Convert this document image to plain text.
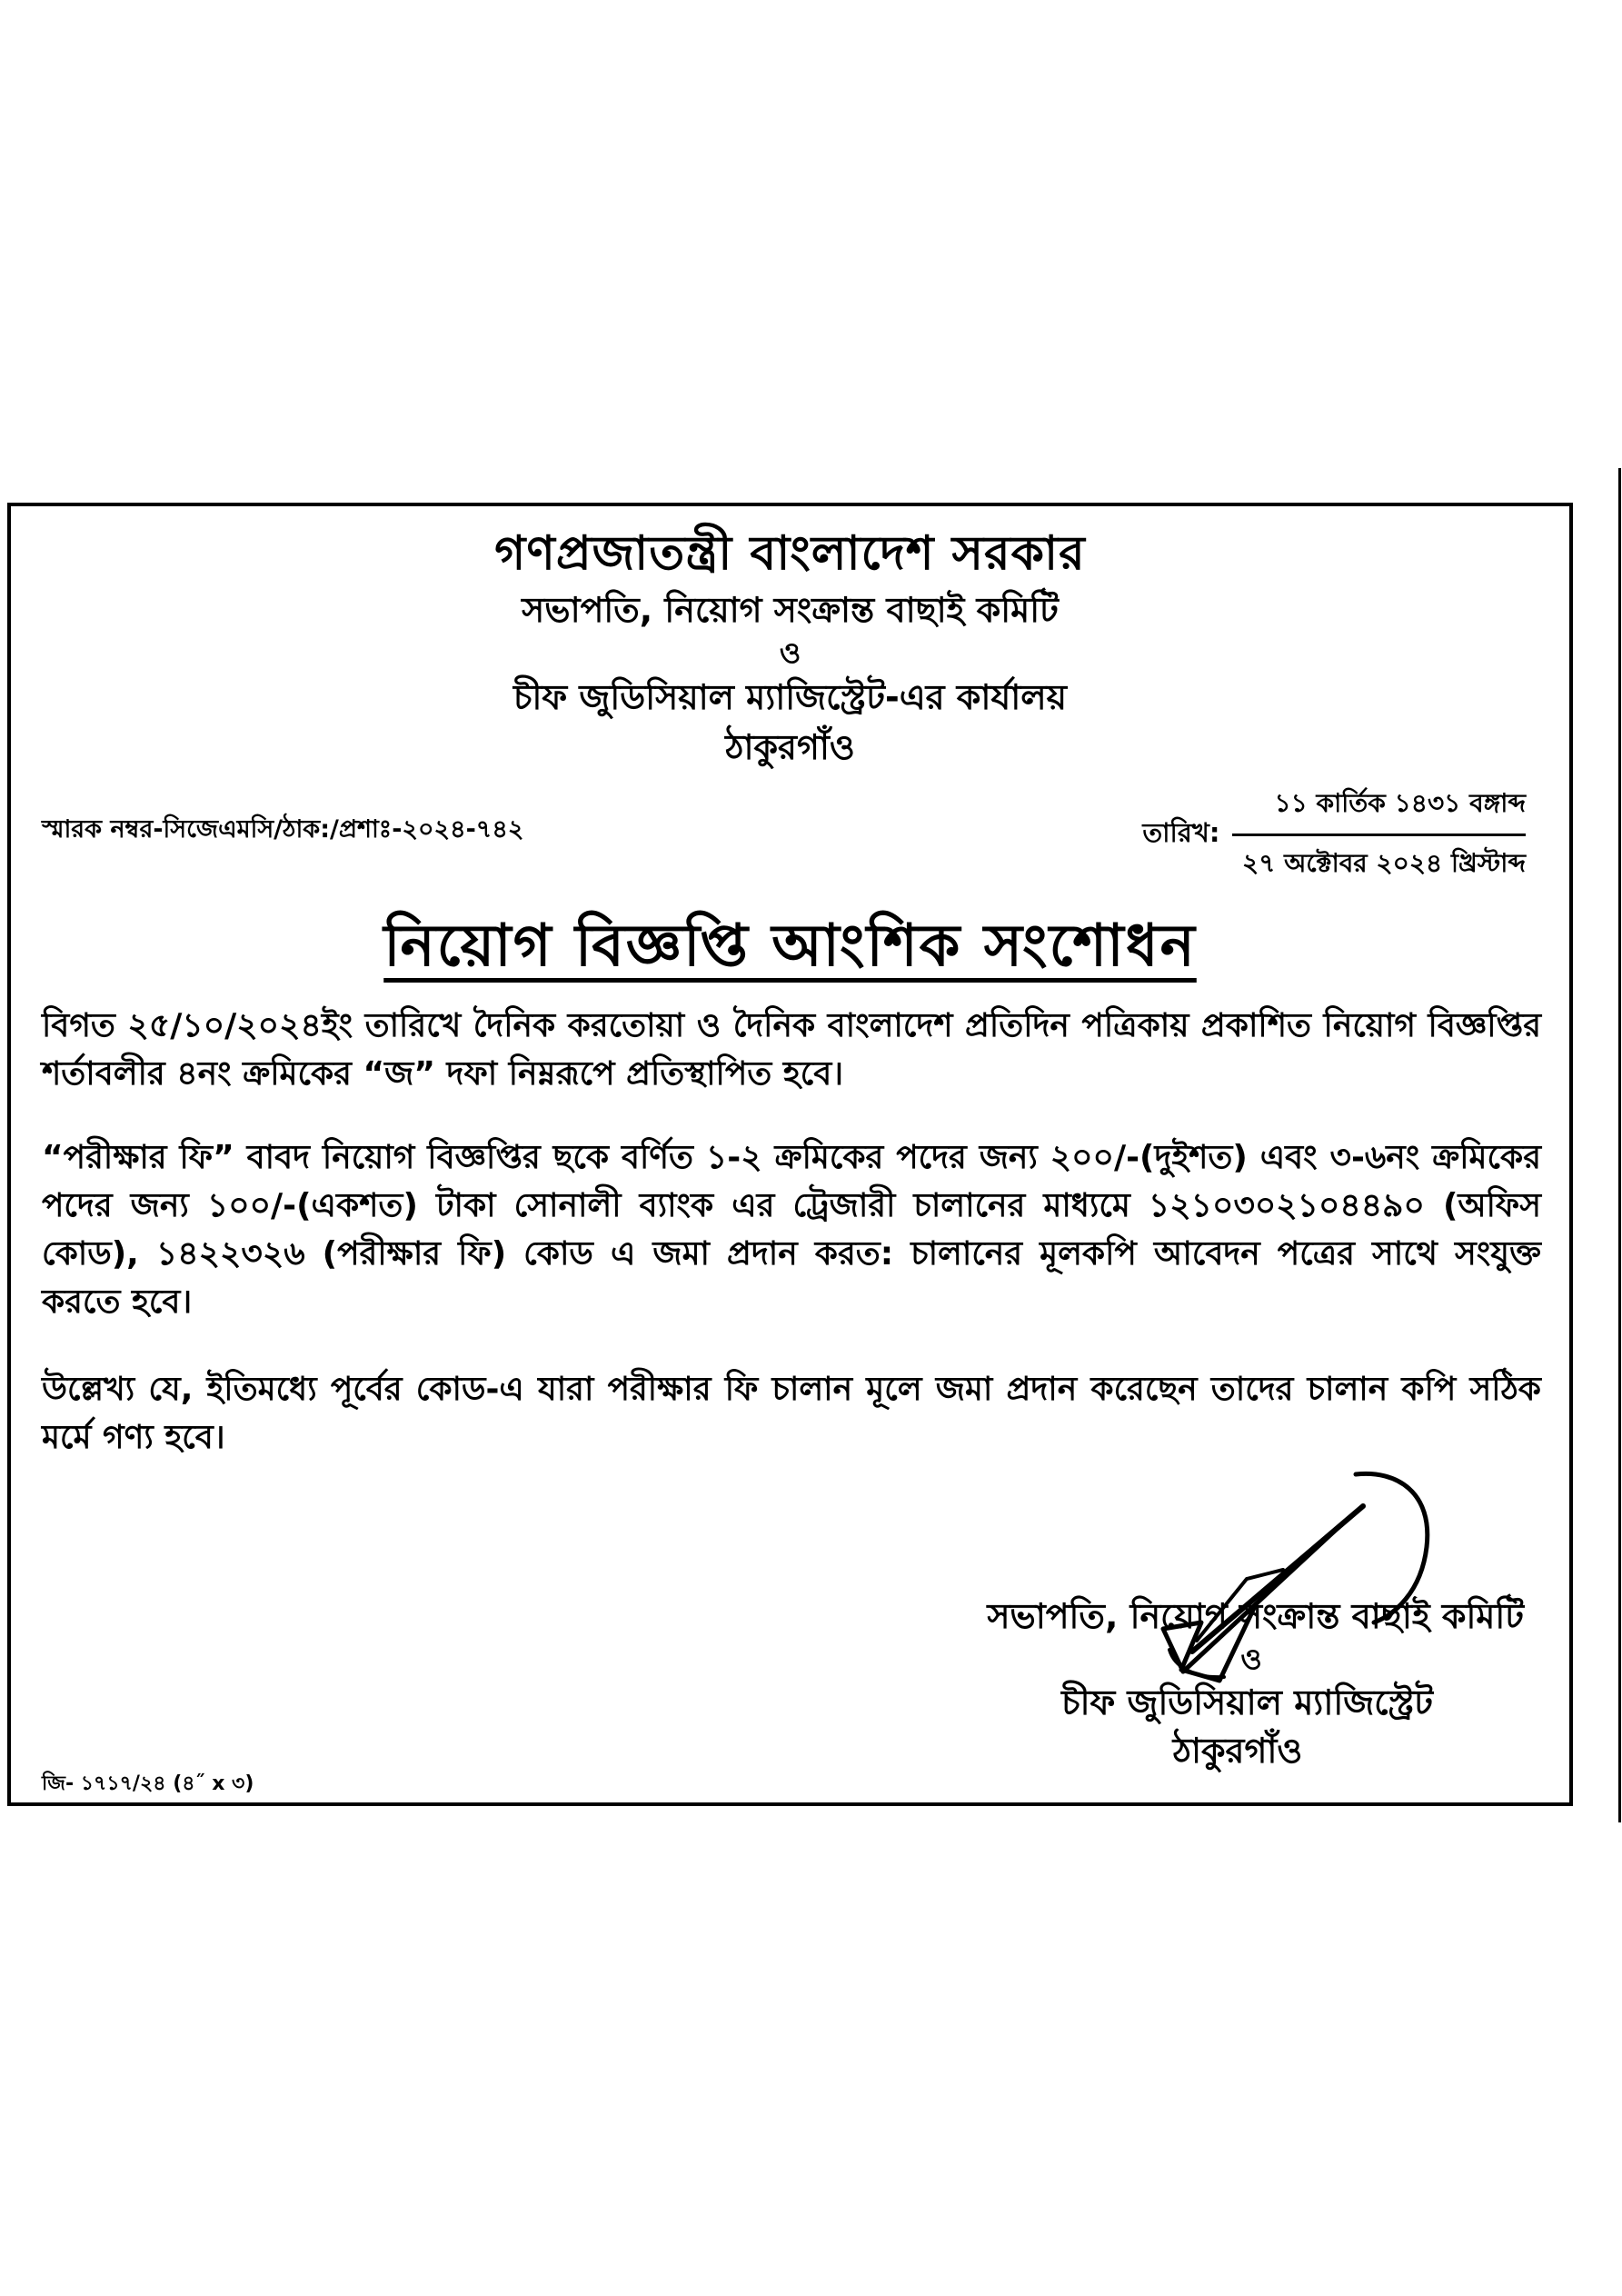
গণপ্রজাতন্ত্রী বাংলাদেশ সরকার
সভাপতি, নিয়োগ সংক্রান্ত বাছাই কমিটি
ও
চীফ জুডিসিয়াল ম্যাজিস্ট্রেট-এর কার্যালয়
ঠাকুরগাঁও
স্মারক নম্বর-সিজেএমসি/ঠাক:/প্রশাঃ-২০২৪-৭৪২	তারিখ:
১১ কার্তিক ১৪৩১ বঙ্গাব্দ
২৭ অক্টোবর ২০২৪ খ্রিস্টাব্দ
নিয়োগ বিজ্ঞপ্তি আংশিক সংশোধন

বিগত ২৫/১০/২০২৪ইং তারিখে দৈনিক করতোয়া ও দৈনিক বাংলাদেশ প্রতিদিন পত্রিকায় প্রকাশিত নিয়োগ বিজ্ঞপ্তির শর্তাবলীর ৪নং ক্রমিকের “জ” দফা নিম্নরূপে প্রতিস্থাপিত হবে।

“পরীক্ষার ফি” বাবদ নিয়োগ বিজ্ঞপ্তির ছকে বর্ণিত ১-২ ক্রমিকের পদের জন্য ২০০/-(দুইশত) এবং ৩-৬নং ক্রমিকের পদের জন্য ১০০/-(একশত) টাকা সোনালী ব্যাংক এর ট্রেজারী চালানের মাধ্যমে ১২১০৩০২১০৪৪৯০ (অফিস কোড), ১৪২২৩২৬ (পরীক্ষার ফি) কোড এ জমা প্রদান করত: চালানের মূলকপি আবেদন পত্রের সাথে সংযুক্ত করতে হবে।

উল্লেখ্য যে, ইতিমধ্যে পূর্বের কোড-এ যারা পরীক্ষার ফি চালান মূলে জমা প্রদান করেছেন তাদের চালান কপি সঠিক মর্মে গণ্য হবে।

সভাপতি, নিয়োগ সংক্রান্ত বাছাই কমিটি
ও
চীফ জুডিসিয়াল ম্যাজিস্ট্রেট
ঠাকুরগাঁও
জি- ১৭১৭/২৪ (৪˝ x ৩)
